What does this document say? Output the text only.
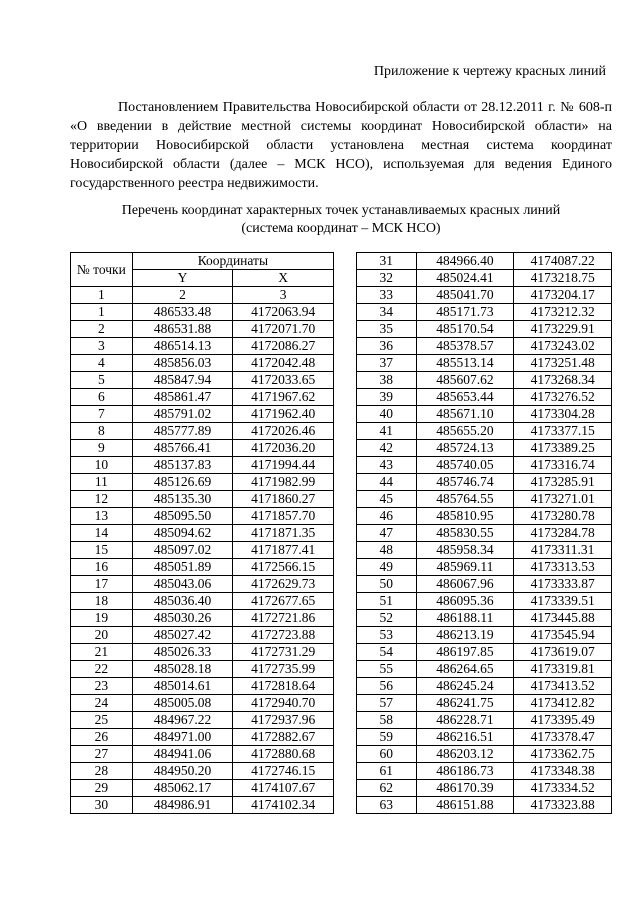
Приложение к чертежу красных линий
Постановлением Правительства Новосибирской области от 28.12.2011 г. № 608-п «О введении в действие местной системы координат Новосибирской области» на территории Новосибирской области установлена местная система координат Новосибирской области (далее – МСК НСО), используемая для ведения Единого государственного реестра недвижимости.
Перечень координат характерных точек устанавливаемых красных линий
(система координат – МСК НСО)
№ точки	Координаты	
	Y	X
1	2	3
1	486533.48	4172063.94
2	486531.88	4172071.70
3	486514.13	4172086.27
4	485856.03	4172042.48
5	485847.94	4172033.65
6	485861.47	4171967.62
7	485791.02	4171962.40
8	485777.89	4172026.46
9	485766.41	4172036.20
10	485137.83	4171994.44
11	485126.69	4171982.99
12	485135.30	4171860.27
13	485095.50	4171857.70
14	485094.62	4171871.35
15	485097.02	4171877.41
16	485051.89	4172566.15
17	485043.06	4172629.73
18	485036.40	4172677.65
19	485030.26	4172721.86
20	485027.42	4172723.88
21	485026.33	4172731.29
22	485028.18	4172735.99
23	485014.61	4172818.64
24	485005.08	4172940.70
25	484967.22	4172937.96
26	484971.00	4172882.67
27	484941.06	4172880.68
28	484950.20	4172746.15
29	485062.17	4174107.67
30	484986.91	4174102.34
31	484966.40	4174087.22
32	485024.41	4173218.75
33	485041.70	4173204.17
34	485171.73	4173212.32
35	485170.54	4173229.91
36	485378.57	4173243.02
37	485513.14	4173251.48
38	485607.62	4173268.34
39	485653.44	4173276.52
40	485671.10	4173304.28
41	485655.20	4173377.15
42	485724.13	4173389.25
43	485740.05	4173316.74
44	485746.74	4173285.91
45	485764.55	4173271.01
46	485810.95	4173280.78
47	485830.55	4173284.78
48	485958.34	4173311.31
49	485969.11	4173313.53
50	486067.96	4173333.87
51	486095.36	4173339.51
52	486188.11	4173445.88
53	486213.19	4173545.94
54	486197.85	4173619.07
55	486264.65	4173319.81
56	486245.24	4173413.52
57	486241.75	4173412.82
58	486228.71	4173395.49
59	486216.51	4173378.47
60	486203.12	4173362.75
61	486186.73	4173348.38
62	486170.39	4173334.52
63	486151.88	4173323.88
